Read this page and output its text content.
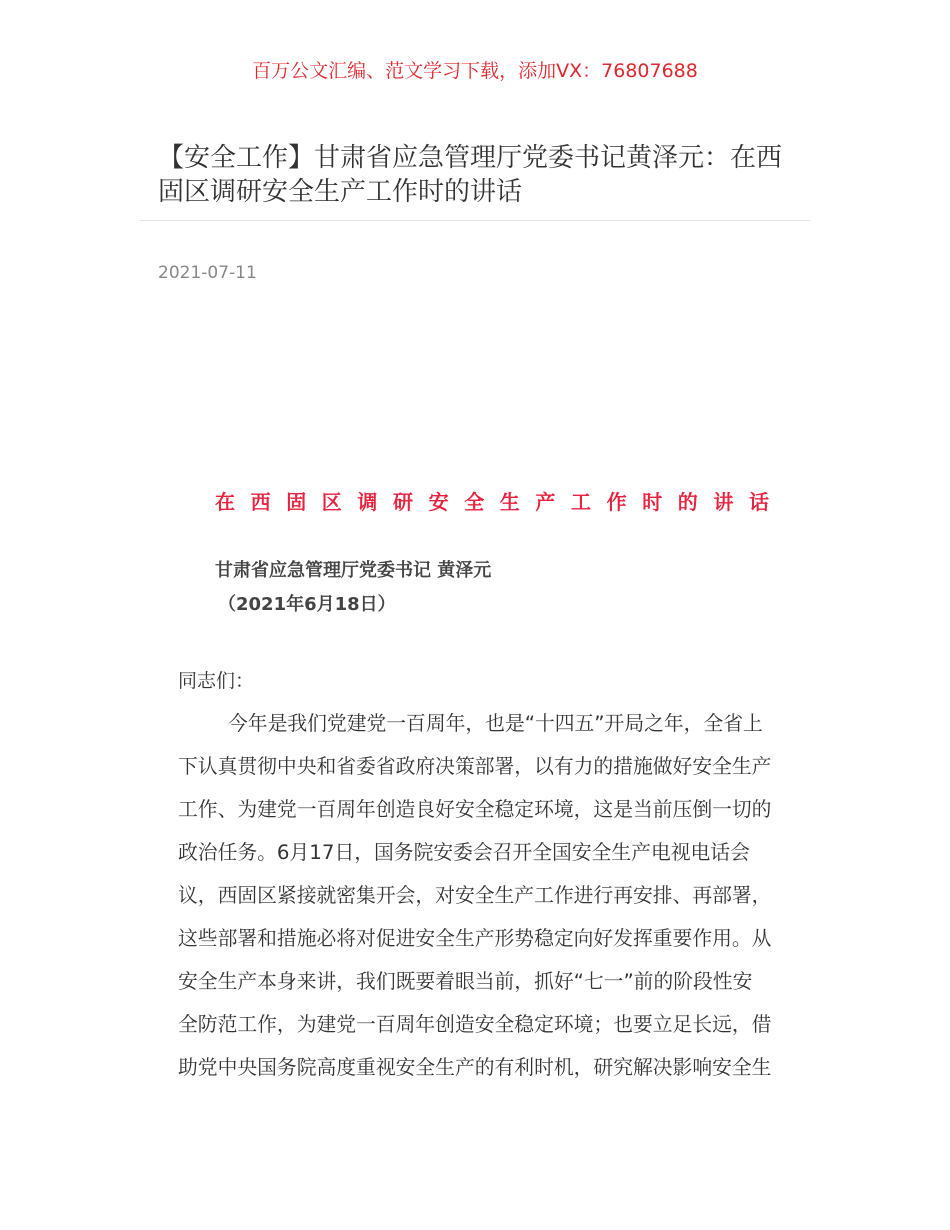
百万公文汇编、范文学习下载，添加VX：76807688
【安全工作】甘肃省应急管理厅党委书记黄泽元：在西
固区调研安全生产工作时的讲话
2021-07-11
在西固区调研安全生产工作时的讲话
甘肃省应急管理厅党委书记 黄泽元
（2021年6月18日）
同志们：
今年是我们党建党一百周年，也是“十四五”开局之年，全省上
下认真贯彻中央和省委省政府决策部署，以有力的措施做好安全生产
工作、为建党一百周年创造良好安全稳定环境，这是当前压倒一切的
政治任务。6月17日，国务院安委会召开全国安全生产电视电话会
议，西固区紧接就密集开会，对安全生产工作进行再安排、再部署，
这些部署和措施必将对促进安全生产形势稳定向好发挥重要作用。从
安全生产本身来讲，我们既要着眼当前，抓好“七一”前的阶段性安
全防范工作，为建党一百周年创造安全稳定环境；也要立足长远，借
助党中央国务院高度重视安全生产的有利时机，研究解决影响安全生
